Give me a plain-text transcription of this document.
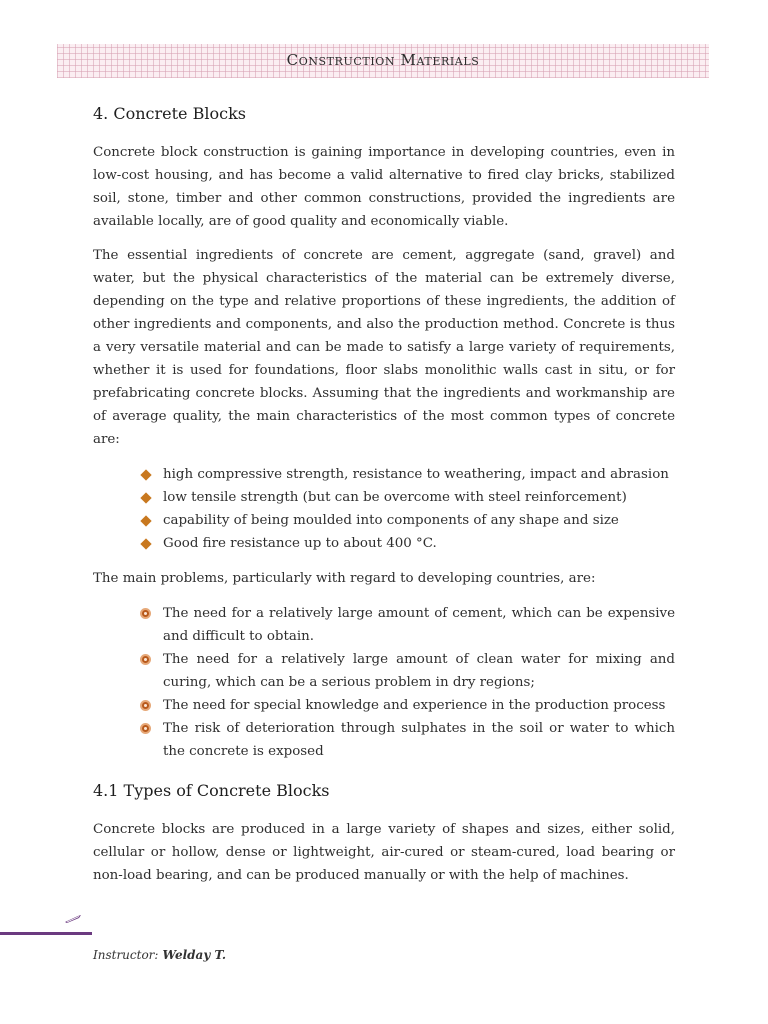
Construction Materials
4. Concrete Blocks

Concrete block construction is gaining importance in developing countries, even in low-cost housing, and has become a valid alternative to fired clay bricks, stabilized soil, stone, timber and other common constructions, provided the ingredients are available locally, are of good quality and economically viable.

The essential ingredients of concrete are cement, aggregate (sand, gravel) and water, but the physical characteristics of the material can be extremely diverse, depending on the type and relative proportions of these ingredients, the addition of other ingredients and components, and also the production method. Concrete is thus a very versatile material and can be made to satisfy a large variety of requirements, whether it is used for foundations, floor slabs monolithic walls cast in situ, or for prefabricating concrete blocks. Assuming that the ingredients and workmanship are of average quality, the main characteristics of the most common types of concrete are:

high compressive strength, resistance to weathering, impact and abrasion
low tensile strength (but can be overcome with steel reinforcement)
capability of being moulded into components of any shape and size
Good fire resistance up to about 400 °C.

The main problems, particularly with regard to developing countries, are:

The need for a relatively large amount of cement, which can be expensive and difficult to obtain.
The need for a relatively large amount of clean water for mixing and curing, which can be a serious problem in dry regions;
The need for special knowledge and experience in the production process
The risk of deterioration through sulphates in the soil or water to which the concrete is exposed
4.1 Types of Concrete Blocks

Concrete blocks are produced in a large variety of shapes and sizes, either solid, cellular or hollow, dense or lightweight, air-cured or steam-cured, load bearing or non-load bearing, and can be produced manually or with the help of machines.

Instructor: Welday T.
